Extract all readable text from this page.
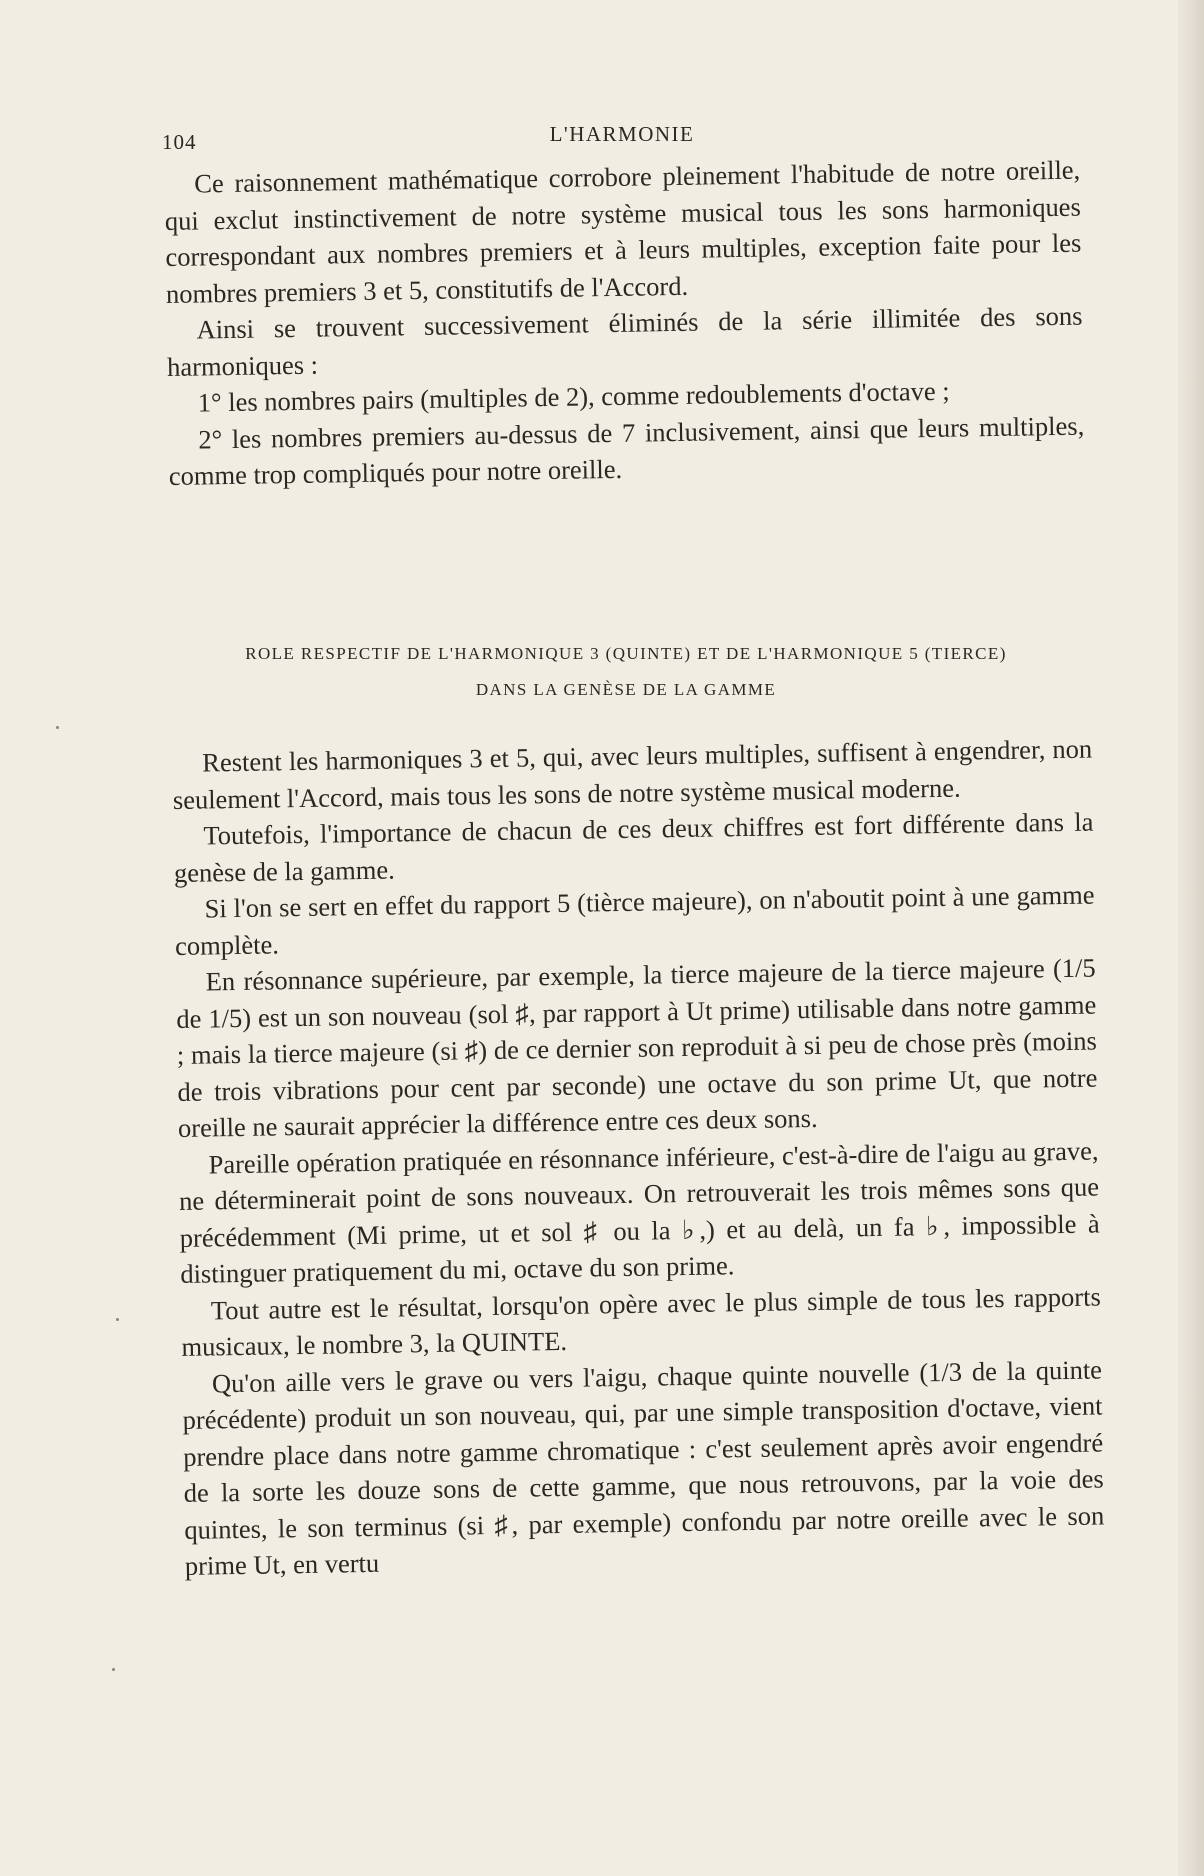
104	L'HARMONIE

Ce raisonnement mathématique corrobore pleinement l'habitude de notre oreille, qui exclut instinctivement de notre système musical tous les sons harmoniques correspondant aux nombres premiers et à leurs multiples, exception faite pour les nombres premiers 3 et 5, constitutifs de l'Accord.

Ainsi se trouvent successivement éliminés de la série illimitée des sons harmoniques :

1° les nombres pairs (multiples de 2), comme redoublements d'octave ;

2° les nombres premiers au-dessus de 7 inclusivement, ainsi que leurs multiples, comme trop compliqués pour notre oreille.

ROLE RESPECTIF DE L'HARMONIQUE 3 (QUINTE) ET DE L'HARMONIQUE 5 (TIERCE)
DANS LA GENÈSE DE LA GAMME

Restent les harmoniques 3 et 5, qui, avec leurs multiples, suffisent à engendrer, non seulement l'Accord, mais tous les sons de notre système musical moderne.

Toutefois, l'importance de chacun de ces deux chiffres est fort différente dans la genèse de la gamme.

Si l'on se sert en effet du rapport 5 (tièrce majeure), on n'aboutit point à une gamme complète.

En résonnance supérieure, par exemple, la tierce majeure de la tierce majeure (1/5 de 1/5) est un son nouveau (sol ♯, par rapport à Ut prime) utilisable dans notre gamme ; mais la tierce majeure (si ♯) de ce dernier son reproduit à si peu de chose près (moins de trois vibrations pour cent par seconde) une octave du son prime Ut, que notre oreille ne saurait apprécier la différence entre ces deux sons.

Pareille opération pratiquée en résonnance inférieure, c'est-à-dire de l'aigu au grave, ne déterminerait point de sons nouveaux. On retrouverait les trois mêmes sons que précédemment (Mi prime, ut et sol ♯ ou la ♭,) et au delà, un fa ♭, impossible à distinguer pratiquement du mi, octave du son prime.

Tout autre est le résultat, lorsqu'on opère avec le plus simple de tous les rapports musicaux, le nombre 3, la QUINTE.

Qu'on aille vers le grave ou vers l'aigu, chaque quinte nouvelle (1/3 de la quinte précédente) produit un son nouveau, qui, par une simple transposition d'octave, vient prendre place dans notre gamme chromatique : c'est seulement après avoir engendré de la sorte les douze sons de cette gamme, que nous retrouvons, par la voie des quintes, le son terminus (si ♯, par exemple) confondu par notre oreille avec le son prime Ut, en vertu
